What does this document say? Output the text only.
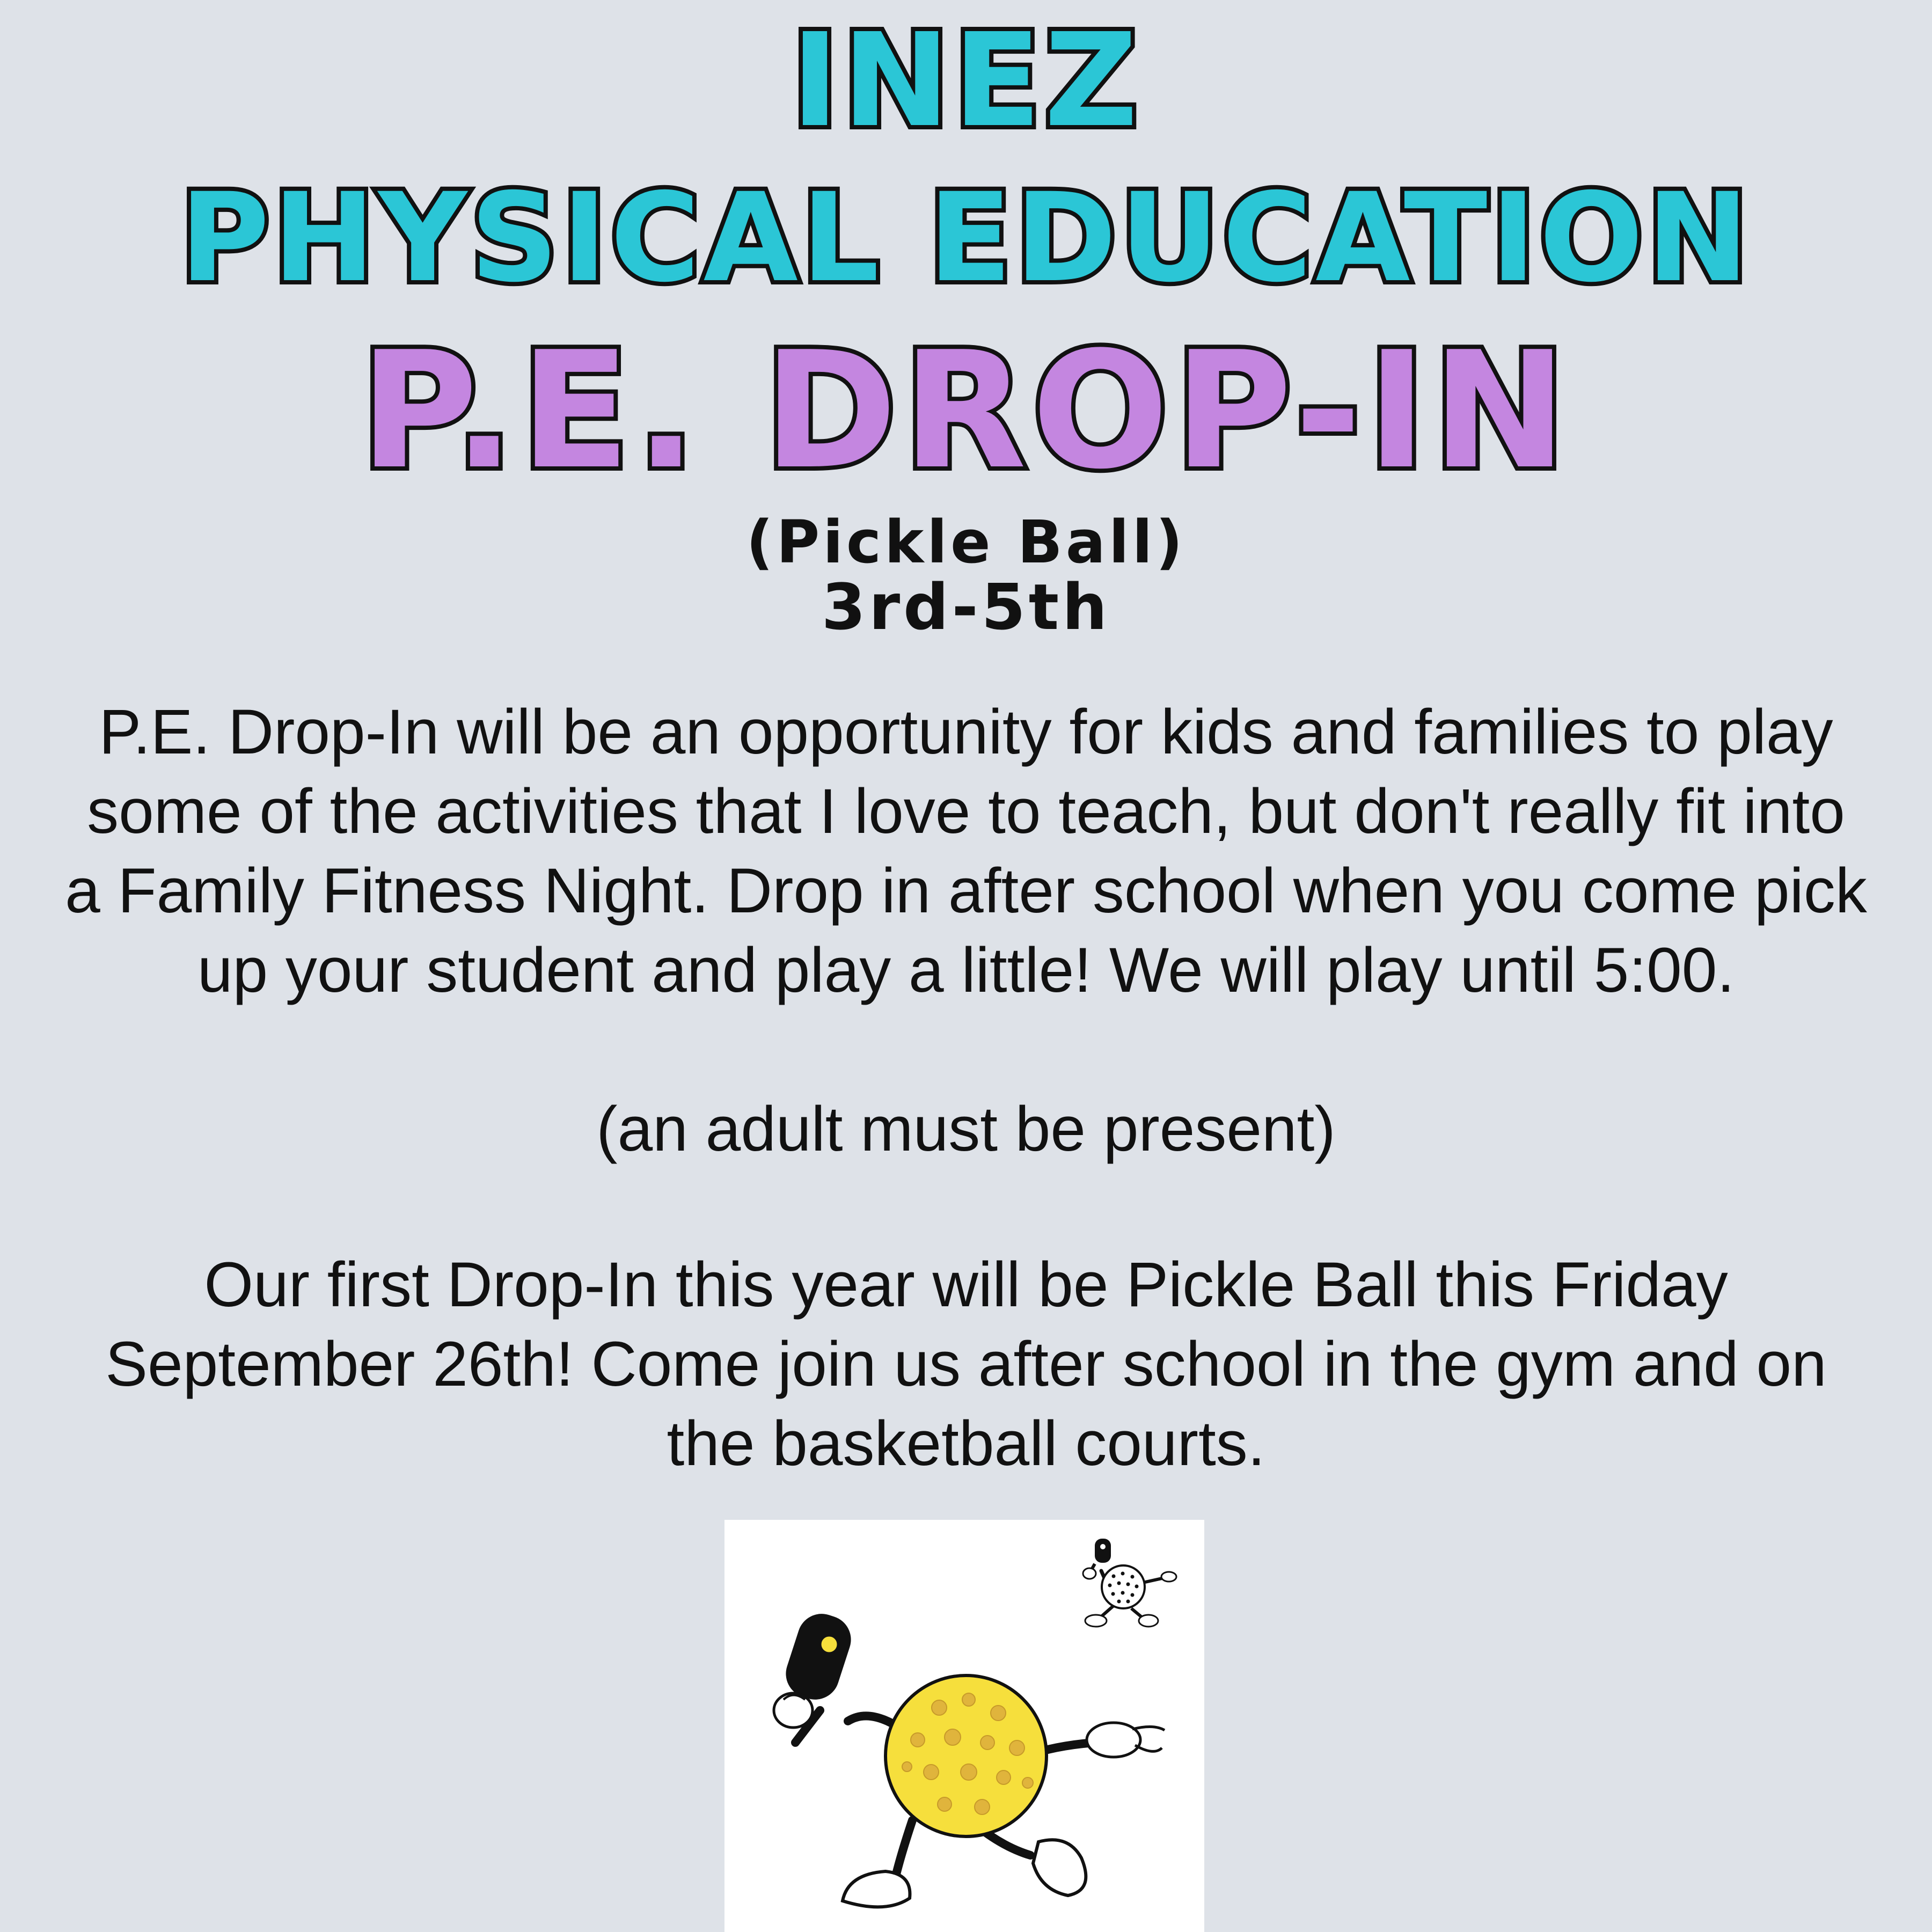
INEZ
PHYSICAL EDUCATION
P.E. DROP-IN
(Pickle Ball)
3rd-5th

P.E. Drop-In will be an opportunity for kids and families to play some of the activities that I love to teach, but don't really fit into a Family Fitness Night. Drop in after school when you come pick up your student and play a little! We will play until 5:00.

(an adult must be present)

Our first Drop-In this year will be Pickle Ball this Friday September 26th! Come join us after school in the gym and on the basketball courts.
